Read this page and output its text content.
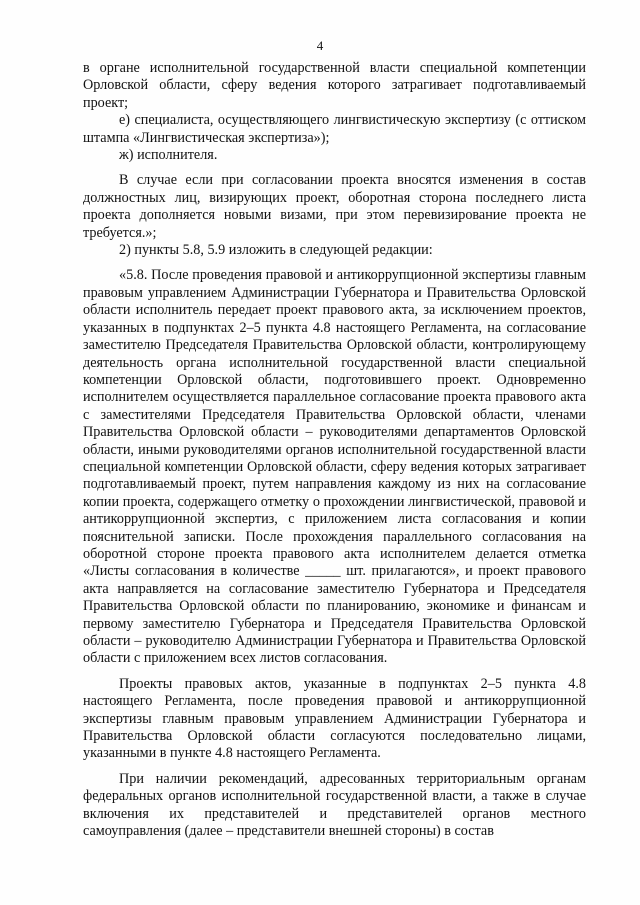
4

в органе исполнительной государственной власти специальной компетенции Орловской области, сферу ведения которого затрагивает подготавливаемый проект;

е) специалиста, осуществляющего лингвистическую экспертизу (с оттиском штампа «Лингвистическая экспертиза»);

ж) исполнителя.

В случае если при согласовании проекта вносятся изменения в состав должностных лиц, визирующих проект, оборотная сторона последнего листа проекта дополняется новыми визами, при этом перевизирование проекта не требуется.»;

2) пункты 5.8, 5.9 изложить в следующей редакции:

«5.8. После проведения правовой и антикоррупционной экспертизы главным правовым управлением Администрации Губернатора и Правительства Орловской области исполнитель передает проект правового акта, за исключением проектов, указанных в подпунктах 2–5 пункта 4.8 настоящего Регламента, на согласование заместителю Председателя Правительства Орловской области, контролирующему деятельность органа исполнительной государственной власти специальной компетенции Орловской области, подготовившего проект. Одновременно исполнителем осуществляется параллельное согласование проекта правового акта с заместителями Председателя Правительства Орловской области, членами Правительства Орловской области – руководителями департаментов Орловской области, иными руководителями органов исполнительной государственной власти специальной компетенции Орловской области, сферу ведения которых затрагивает подготавливаемый проект, путем направления каждому из них на согласование копии проекта, содержащего отметку о прохождении лингвистической, правовой и антикоррупционной экспертиз, с приложением листа согласования и копии пояснительной записки. После прохождения параллельного согласования на оборотной стороне проекта правового акта исполнителем делается отметка «Листы согласования в количестве _____ шт. прилагаются», и проект правового акта направляется на согласование заместителю Губернатора и Председателя Правительства Орловской области по планированию, экономике и финансам и первому заместителю Губернатора и Председателя Правительства Орловской области – руководителю Администрации Губернатора и Правительства Орловской области с приложением всех листов согласования.

Проекты правовых актов, указанные в подпунктах 2–5 пункта 4.8 настоящего Регламента, после проведения правовой и антикоррупционной экспертизы главным правовым управлением Администрации Губернатора и Правительства Орловской области согласуются последовательно лицами, указанными в пункте 4.8 настоящего Регламента.

При наличии рекомендаций, адресованных территориальным органам федеральных органов исполнительной государственной власти, а также в случае включения их представителей и представителей органов местного самоуправления (далее – представители внешней стороны) в состав
